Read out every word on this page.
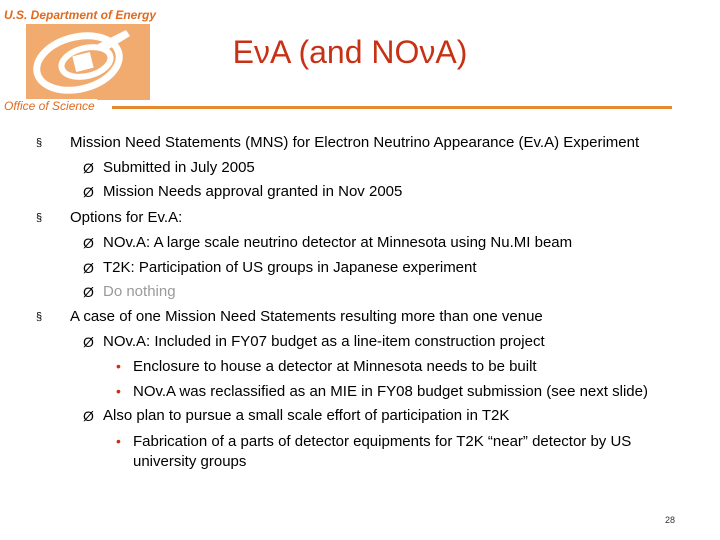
U.S. Department of Energy
EνA (and NOνA)
Office of Science
§ Mission Need Statements (MNS) for Electron Neutrino Appearance (Ev.A) Experiment
Ø Submitted in July 2005
Ø Mission Needs approval granted in Nov 2005
§ Options for Ev.A:
Ø NOv.A: A large scale neutrino detector at Minnesota using Nu.MI beam
Ø T2K: Participation of US groups in Japanese experiment
Ø Do nothing
§ A case of one Mission Need Statements resulting more than one venue
Ø NOv.A: Included in FY07 budget as a line-item construction project
• Enclosure to house a detector at Minnesota needs to be built
• NOv.A was reclassified as an MIE in FY08 budget submission (see next slide)
Ø Also plan to pursue a small scale effort of participation in T2K
• Fabrication of a parts of detector equipments for T2K “near” detector by US university groups
28
